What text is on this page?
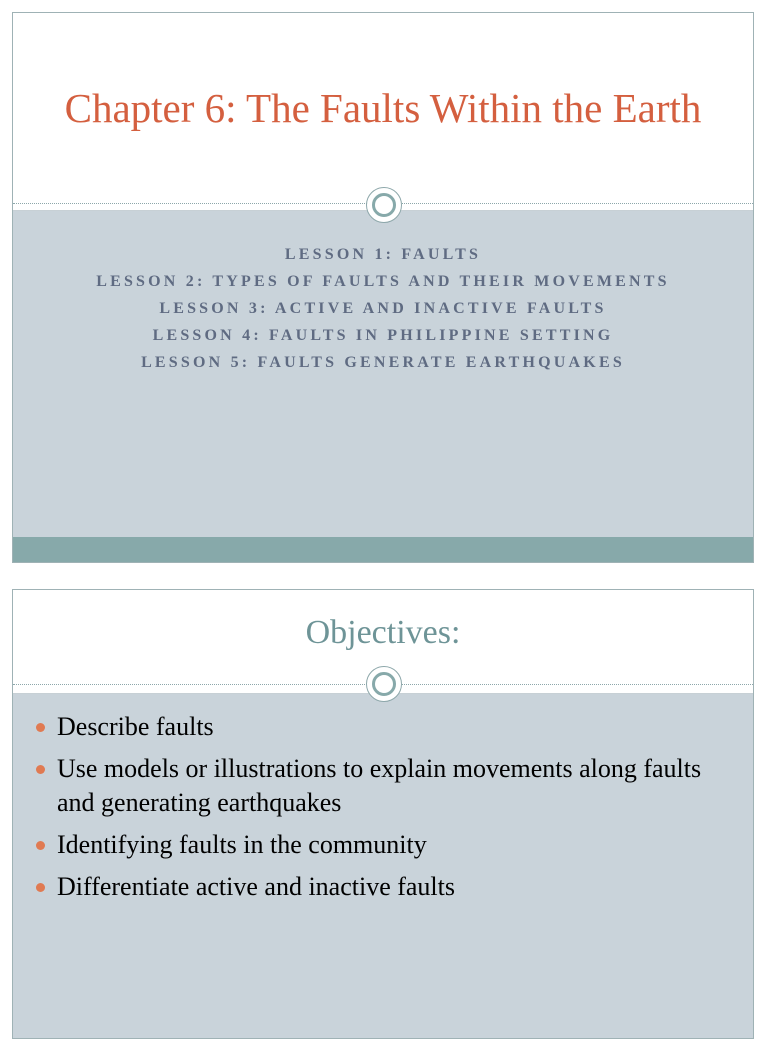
Chapter 6: The Faults Within the Earth
LESSON 1: FAULTS
LESSON 2: TYPES OF FAULTS AND THEIR MOVEMENTS
LESSON 3: ACTIVE AND INACTIVE FAULTS
LESSON 4: FAULTS IN PHILIPPINE SETTING
LESSON 5: FAULTS GENERATE EARTHQUAKES
Objectives:
Describe faults
Use models or illustrations to explain movements along faults and generating earthquakes
Identifying faults in the community
Differentiate active and inactive faults
